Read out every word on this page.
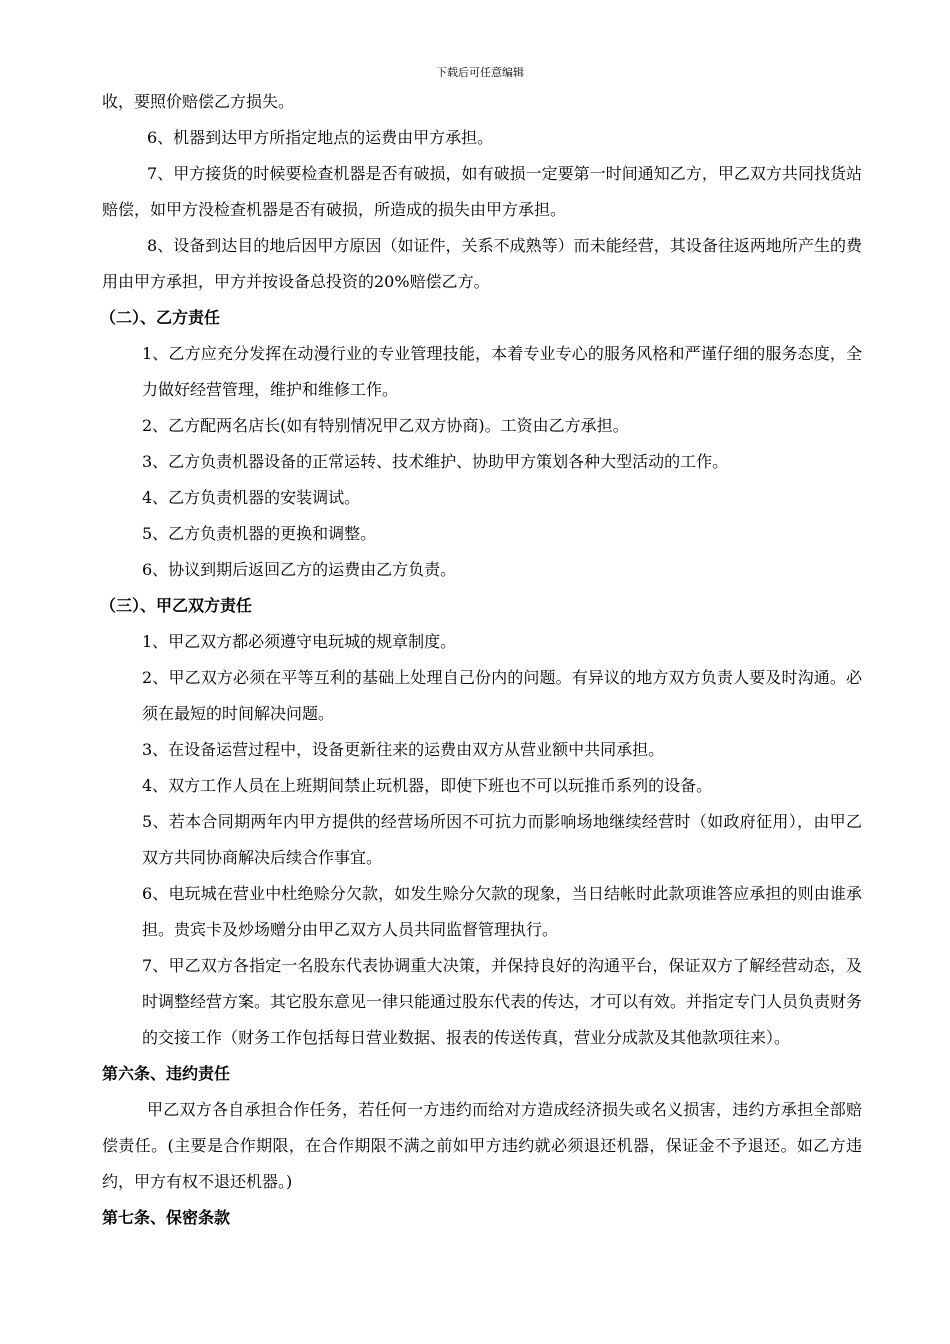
下载后可任意编辑

收，要照价赔偿乙方损失。

6、机器到达甲方所指定地点的运费由甲方承担。

7、甲方接货的时候要检查机器是否有破损，如有破损一定要第一时间通知乙方，甲乙双方共同找货站赔偿，如甲方没检查机器是否有破损，所造成的损失由甲方承担。

8、设备到达目的地后因甲方原因（如证件，关系不成熟等）而未能经营，其设备往返两地所产生的费用由甲方承担，甲方并按设备总投资的20%赔偿乙方。

（二）、乙方责任

1、乙方应充分发挥在动漫行业的专业管理技能，本着专业专心的服务风格和严谨仔细的服务态度，全力做好经营管理，维护和维修工作。

2、乙方配两名店长(如有特别情况甲乙双方协商)。工资由乙方承担。

3、乙方负责机器设备的正常运转、技术维护、协助甲方策划各种大型活动的工作。

4、乙方负责机器的安装调试。

5、乙方负责机器的更换和调整。

6、协议到期后返回乙方的运费由乙方负责。

（三）、甲乙双方责任

1、甲乙双方都必须遵守电玩城的规章制度。

2、甲乙双方必须在平等互利的基础上处理自己份内的问题。有异议的地方双方负责人要及时沟通。必须在最短的时间解决问题。

3、在设备运营过程中，设备更新往来的运费由双方从营业额中共同承担。

4、双方工作人员在上班期间禁止玩机器，即使下班也不可以玩推币系列的设备。

5、若本合同期两年内甲方提供的经营场所因不可抗力而影响场地继续经营时（如政府征用），由甲乙双方共同协商解决后续合作事宜。

6、电玩城在营业中杜绝赊分欠款，如发生赊分欠款的现象，当日结帐时此款项谁答应承担的则由谁承担。贵宾卡及炒场赠分由甲乙双方人员共同监督管理执行。

7、甲乙双方各指定一名股东代表协调重大决策，并保持良好的沟通平台，保证双方了解经营动态，及时调整经营方案。其它股东意见一律只能通过股东代表的传达，才可以有效。并指定专门人员负责财务的交接工作（财务工作包括每日营业数据、报表的传送传真，营业分成款及其他款项往来）。

第六条、违约责任

甲乙双方各自承担合作任务，若任何一方违约而给对方造成经济损失或名义损害，违约方承担全部赔偿责任。(主要是合作期限，在合作期限不满之前如甲方违约就必须退还机器，保证金不予退还。如乙方违约，甲方有权不退还机器。)

第七条、保密条款
